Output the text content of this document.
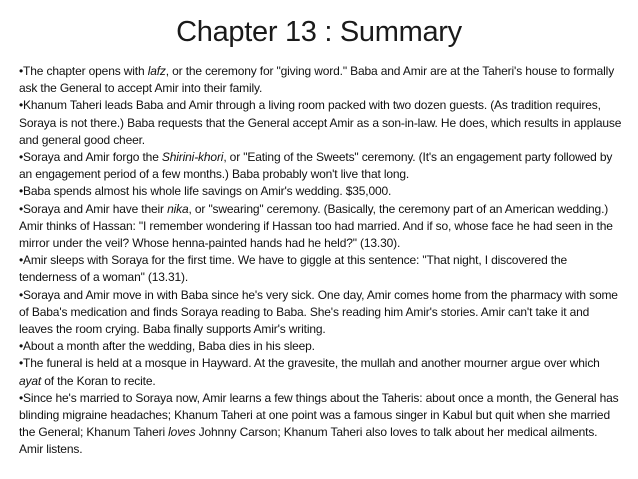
Chapter 13 : Summary

•The chapter opens with lafz, or the ceremony for "giving word." Baba and Amir are at the Taheri's house to formally ask the General to accept Amir into their family.

•Khanum Taheri leads Baba and Amir through a living room packed with two dozen guests. (As tradition requires, Soraya is not there.) Baba requests that the General accept Amir as a son-in-law. He does, which results in applause and general good cheer.

•Soraya and Amir forgo the Shirini-khori, or "Eating of the Sweets" ceremony. (It's an engagement party followed by an engagement period of a few months.) Baba probably won't live that long.

•Baba spends almost his whole life savings on Amir's wedding. $35,000.

•Soraya and Amir have their nika, or "swearing" ceremony. (Basically, the ceremony part of an American wedding.) Amir thinks of Hassan: "I remember wondering if Hassan too had married. And if so, whose face he had seen in the mirror under the veil? Whose henna-painted hands had he held?" (13.30).

•Amir sleeps with Soraya for the first time. We have to giggle at this sentence: "That night, I discovered the tenderness of a woman" (13.31).

•Soraya and Amir move in with Baba since he's very sick. One day, Amir comes home from the pharmacy with some of Baba's medication and finds Soraya reading to Baba. She's reading him Amir's stories. Amir can't take it and leaves the room crying. Baba finally supports Amir's writing.

•About a month after the wedding, Baba dies in his sleep.

•The funeral is held at a mosque in Hayward. At the gravesite, the mullah and another mourner argue over which ayat of the Koran to recite.

•Since he's married to Soraya now, Amir learns a few things about the Taheris: about once a month, the General has blinding migraine headaches; Khanum Taheri at one point was a famous singer in Kabul but quit when she married the General; Khanum Taheri loves Johnny Carson; Khanum Taheri also loves to talk about her medical ailments. Amir listens.
